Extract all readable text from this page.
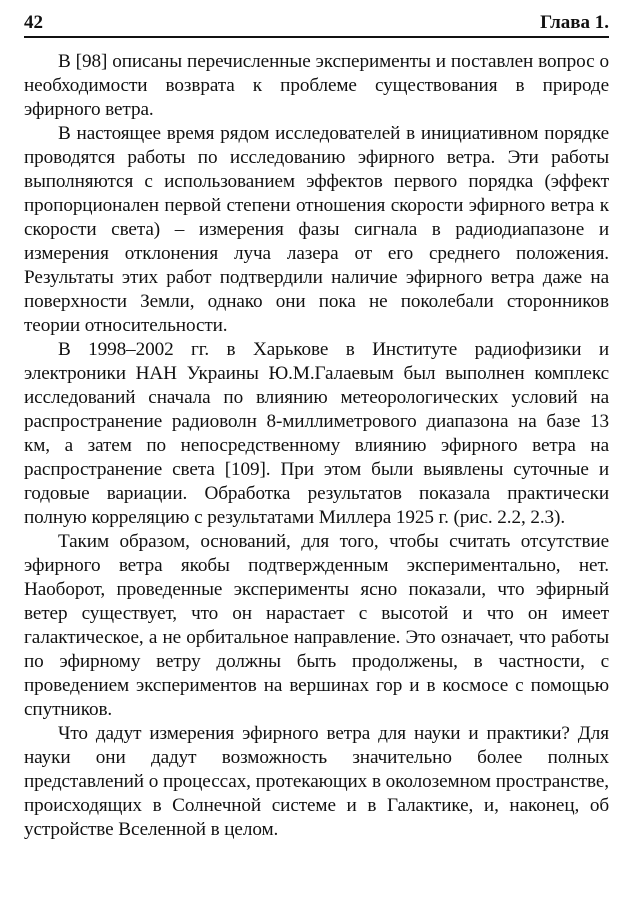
42	Глава 1.

В [98] описаны перечисленные эксперименты и поставлен вопрос о необходимости возврата к проблеме существования в природе эфирного ветра.

В настоящее время рядом исследователей в инициативном порядке проводятся работы по исследованию эфирного ветра. Эти работы выполняются с использованием эффектов первого порядка (эффект пропорционален первой степени отношения скорости эфирного ветра к скорости света) – измерения фазы сигнала в радиодиапазоне и измерения отклонения луча лазера от его среднего положения. Результаты этих работ подтвердили наличие эфирного ветра даже на поверхности Земли, однако они пока не поколебали сторонников теории относительности.

В 1998–2002 гг. в Харькове в Институте радиофизики и электроники НАН Украины Ю.М.Галаевым был выполнен комплекс исследований сначала по влиянию метеорологических условий на распространение радиоволн 8-миллиметрового диапазона на базе 13 км, а затем по непосредственному влиянию эфирного ветра на распространение света [109]. При этом были выявлены суточные и годовые вариации. Обработка результатов показала практически полную корреляцию с результатами Миллера 1925 г. (рис. 2.2, 2.3).

Таким образом, оснований, для того, чтобы считать отсутствие эфирного ветра якобы подтвержденным экспериментально, нет. Наоборот, проведенные эксперименты ясно показали, что эфирный ветер существует, что он нарастает с высотой и что он имеет галактическое, а не орбитальное направление. Это означает, что работы по эфирному ветру должны быть продолжены, в частности, с проведением экспериментов на вершинах гор и в космосе с помощью спутников.

Что дадут измерения эфирного ветра для науки и практики? Для науки они дадут возможность значительно более полных представлений о процессах, протекающих в околоземном пространстве, происходящих в Солнечной системе и в Галактике, и, наконец, об устройстве Вселенной в целом.
